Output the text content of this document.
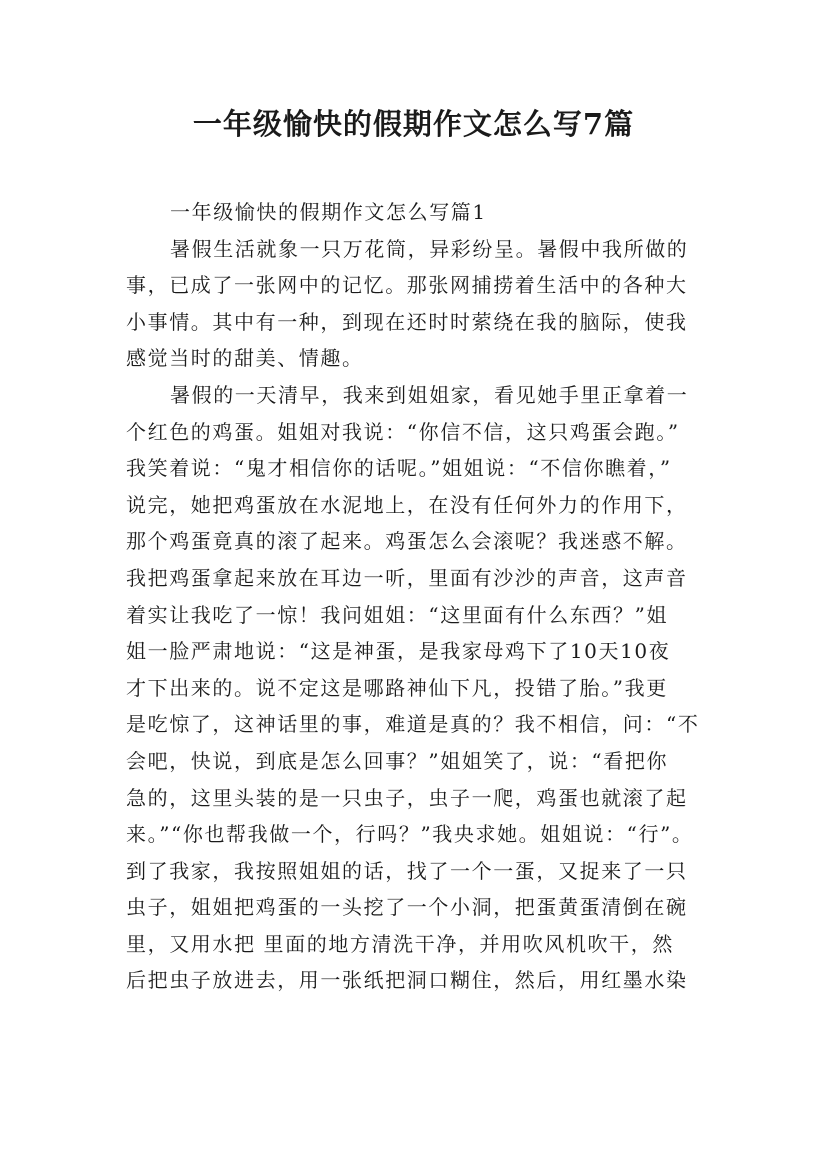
一年级愉快的假期作文怎么写7篇

一年级愉快的假期作文怎么写篇1

暑假生活就象一只万花筒，异彩纷呈。暑假中我所做的

事，已成了一张网中的记忆。那张网捕捞着生活中的各种大

小事情。其中有一种，到现在还时时萦绕在我的脑际，使我

感觉当时的甜美、情趣。

暑假的一天清早，我来到姐姐家，看见她手里正拿着一

个红色的鸡蛋。姐姐对我说：“你信不信，这只鸡蛋会跑。”

我笑着说：“鬼才相信你的话呢。”姐姐说：“不信你瞧着，”

说完，她把鸡蛋放在水泥地上，在没有任何外力的作用下，

那个鸡蛋竟真的滚了起来。鸡蛋怎么会滚呢？我迷惑不解。

我把鸡蛋拿起来放在耳边一听，里面有沙沙的声音，这声音

着实让我吃了一惊！我问姐姐：“这里面有什么东西？”姐

姐一脸严肃地说：“这是神蛋，是我家母鸡下了10天10夜

才下出来的。说不定这是哪路神仙下凡，投错了胎。”我更

是吃惊了，这神话里的事，难道是真的？我不相信，问：“不

会吧，快说，到底是怎么回事？”姐姐笑了，说：“看把你

急的，这里头装的是一只虫子，虫子一爬，鸡蛋也就滚了起

来。”“你也帮我做一个，行吗？”我央求她。姐姐说：“行”。

到了我家，我按照姐姐的话，找了一个一蛋，又捉来了一只

虫子，姐姐把鸡蛋的一头挖了一个小洞，把蛋黄蛋清倒在碗

里，又用水把 里面的地方清洗干净，并用吹风机吹干，然

后把虫子放进去，用一张纸把洞口糊住，然后，用红墨水染
